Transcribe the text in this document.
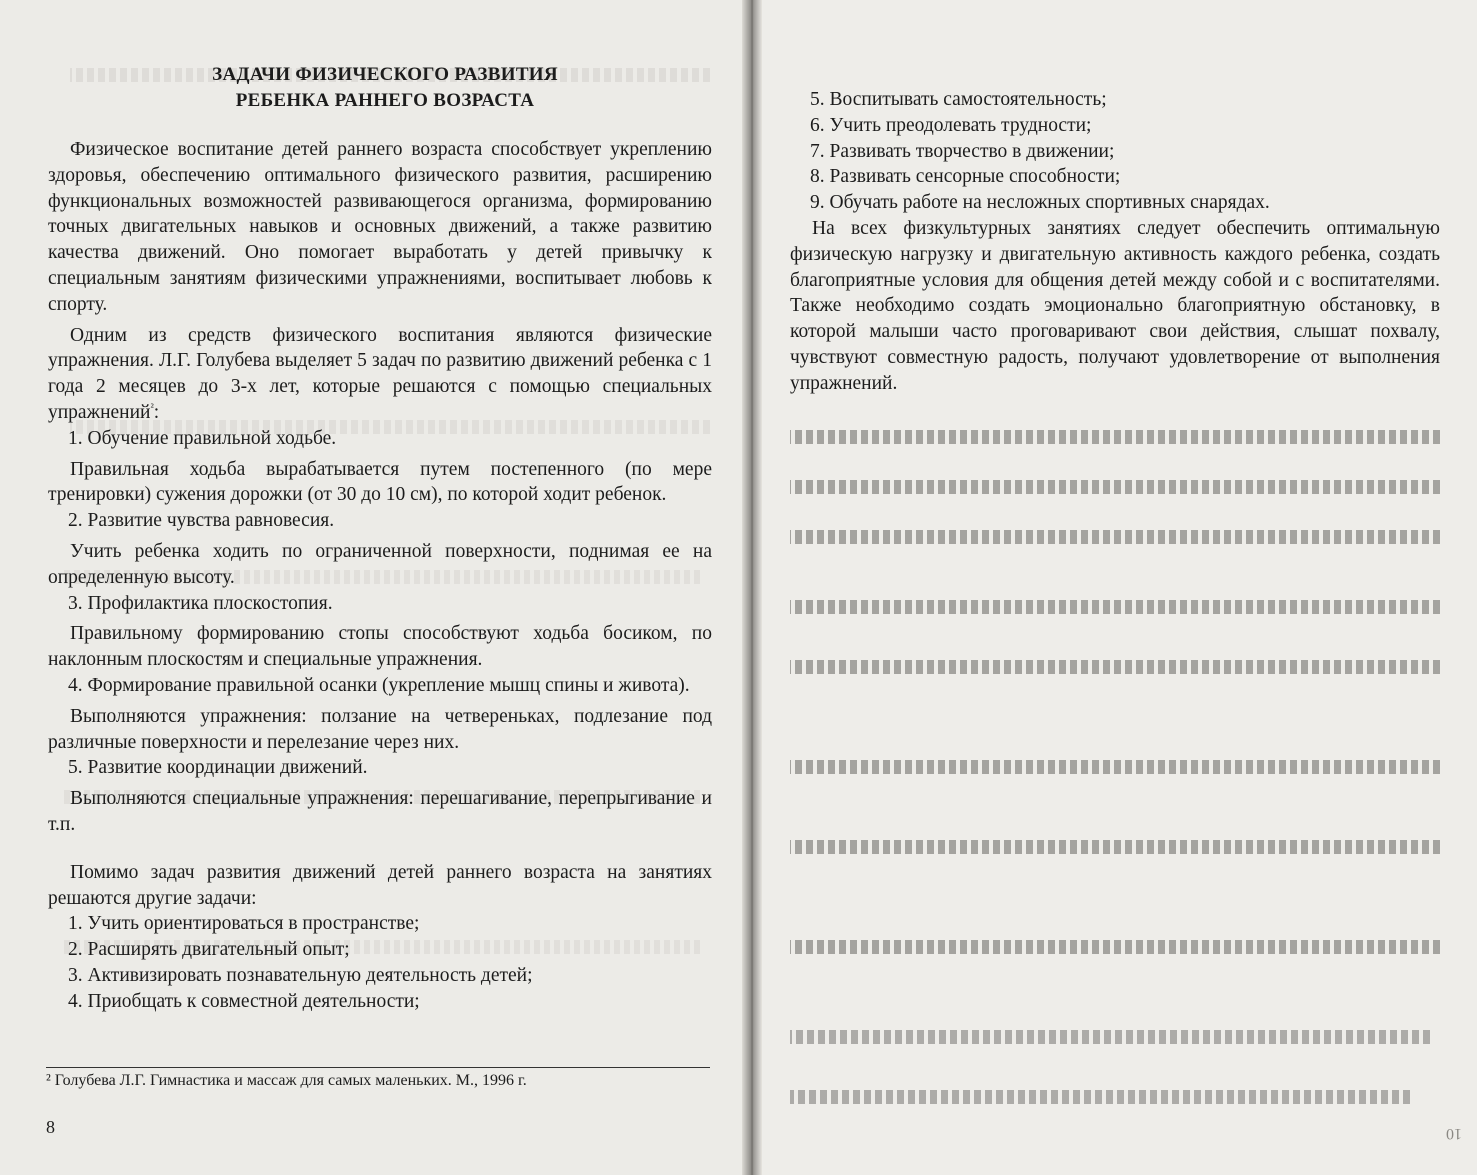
ЗАДАЧИ ФИЗИЧЕСКОГО РАЗВИТИЯ
РЕБЕНКА РАННЕГО ВОЗРАСТА

Физическое воспитание детей раннего возраста способствует укреплению здоровья, обеспечению оптимального физического развития, расширению функциональных возможностей развивающегося организма, формированию точных двигательных навыков и основных движений, а также развитию качества движений. Оно помогает выработать у детей привычку к специальным занятиям физическими упражнениями, воспитывает любовь к спорту.

Одним из средств физического воспитания являются физические упражнения. Л.Г. Голубева выделяет 5 задач по развитию движений ребенка с 1 года 2 месяцев до 3-х лет, которые решаются с помощью специальных упражнений$^{^2}$:

1. Обучение правильной ходьбе.

Правильная ходьба вырабатывается путем постепенного (по мере тренировки) сужения дорожки (от 30 до 10 см), по которой ходит ребенок.

2. Развитие чувства равновесия.

Учить ребенка ходить по ограниченной поверхности, поднимая ее на определенную высоту.

3. Профилактика плоскостопия.

Правильному формированию стопы способствуют ходьба босиком, по наклонным плоскостям и специальные упражнения.

4. Формирование правильной осанки (укрепление мышц спины и живота).

Выполняются упражнения: ползание на четвереньках, подлезание под различные поверхности и перелезание через них.

5. Развитие координации движений.

Выполняются специальные упражнения: перешагивание, перепрыгивание и т.п.

Помимо задач развития движений детей раннего возраста на занятиях решаются другие задачи:

1. Учить ориентироваться в пространстве;

2. Расширять двигательный опыт;

3. Активизировать познавательную деятельность детей;

4. Приобщать к совместной деятельности;

² Голубева Л.Г. Гимнастика и массаж для самых маленьких. М., 1996 г.
8

5. Воспитывать самостоятельность;

6. Учить преодолевать трудности;

7. Развивать творчество в движении;

8. Развивать сенсорные способности;

9. Обучать работе на несложных спортивных снарядах.

На всех физкультурных занятиях следует обеспечить оптимальную физическую нагрузку и двигательную активность каждого ребенка, создать благоприятные условия для общения детей между собой и с воспитателями. Также необходимо создать эмоционально благоприятную обстановку, в которой малыши часто проговаривают свои действия, слышат похвалу, чувствуют совместную радость, получают удовлетворение от выполнения упражнений.

10
